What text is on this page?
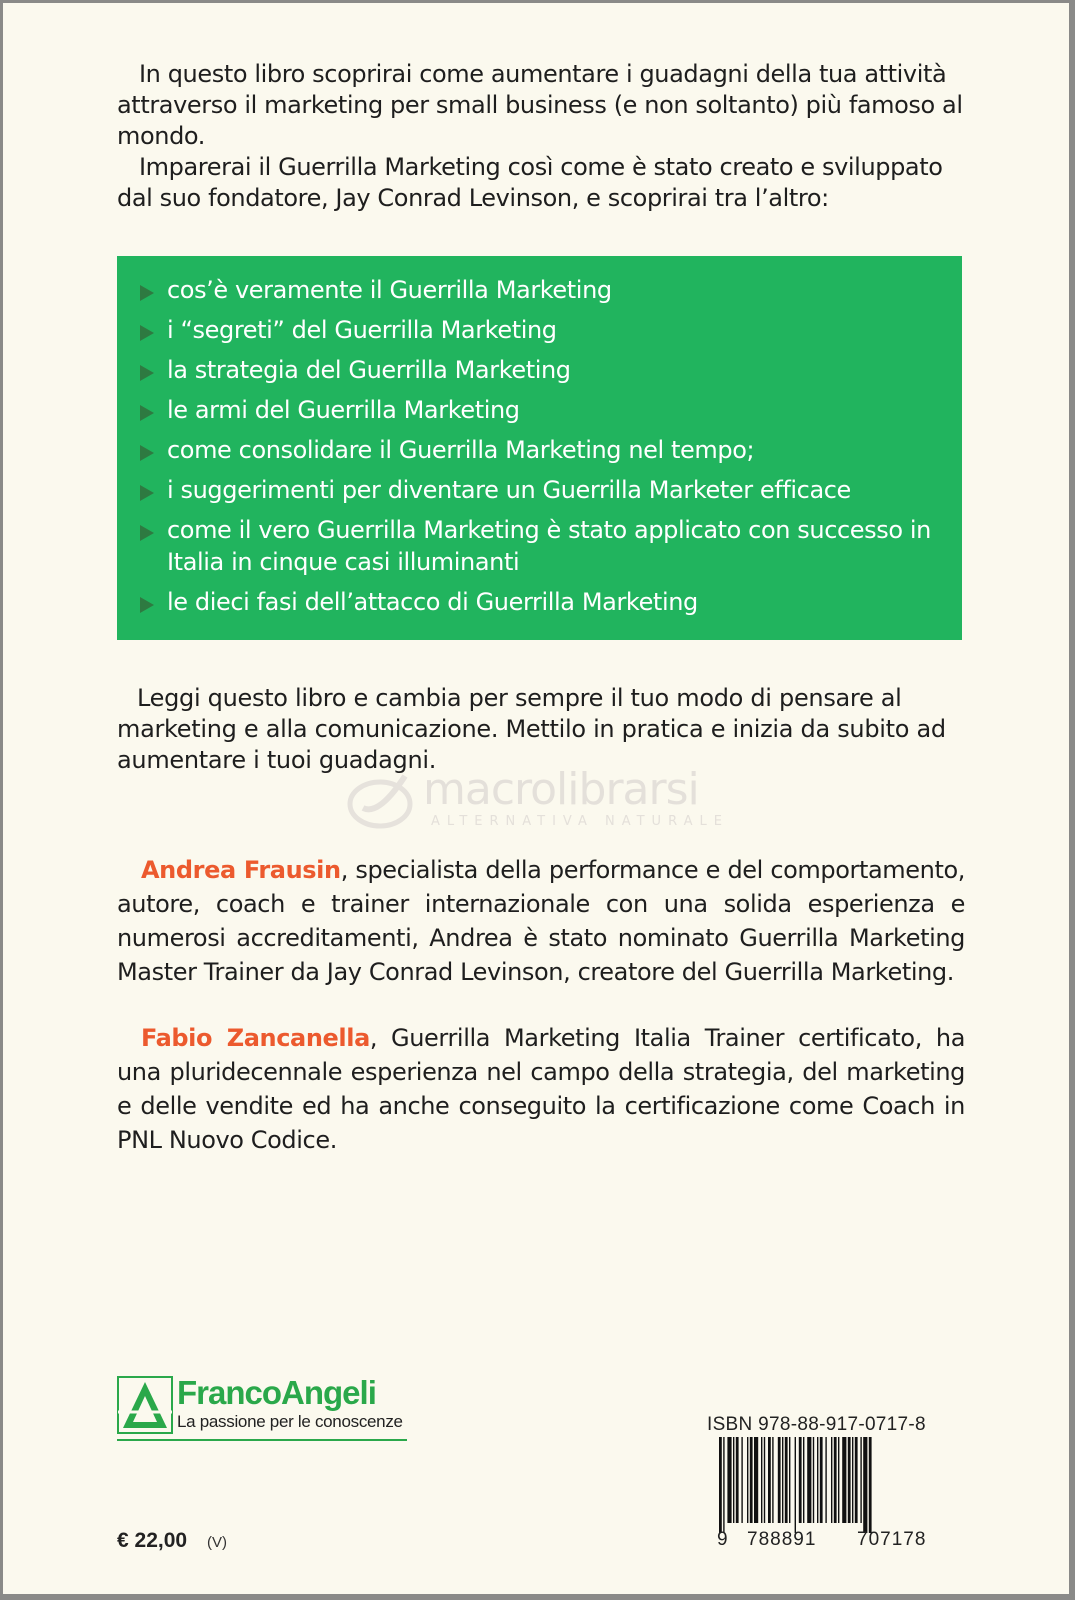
In questo libro scoprirai come aumentare i guadagni della tua attività attraverso il marketing per small business (e non soltanto) più famoso al mondo.

Imparerai il Guerrilla Marketing così come è stato creato e sviluppato dal suo fondatore, Jay Conrad Levinson, e scoprirai tra l’altro:

cos’è veramente il Guerrilla Marketing
i “segreti” del Guerrilla Marketing
la strategia del Guerrilla Marketing
le armi del Guerrilla Marketing
come consolidare il Guerrilla Marketing nel tempo;
i suggerimenti per diventare un Guerrilla Marketer efficace
come il vero Guerrilla Marketing è stato applicato con successo in Italia in cinque casi illuminanti
le dieci fasi dell’attacco di Guerrilla Marketing

Leggi questo libro e cambia per sempre il tuo modo di pensare al marketing e alla comunicazione. Mettilo in pratica e inizia da subito ad aumentare i tuoi guadagni.

macrolibrarsi
ALTERNATIVA NATURALE

Andrea Frausin, specialista della performance e del comportamento, autore, coach e trainer internazionale con una solida esperienza e numerosi accreditamenti, Andrea è stato nominato Guerrilla Marketing Master Trainer da Jay Conrad Levinson, creatore del Guerrilla Marketing.

Fabio Zancanella, Guerrilla Marketing Italia Trainer certificato, ha una pluridecennale esperienza nel campo della strategia, del marketing e delle vendite ed ha anche conseguito la certificazione come Coach in PNL Nuovo Codice.

FrancoAngeli
La passione per le conoscenze	ISBN 978-88-917-0717-8
9 788891 707178
€ 22,00 (V)
